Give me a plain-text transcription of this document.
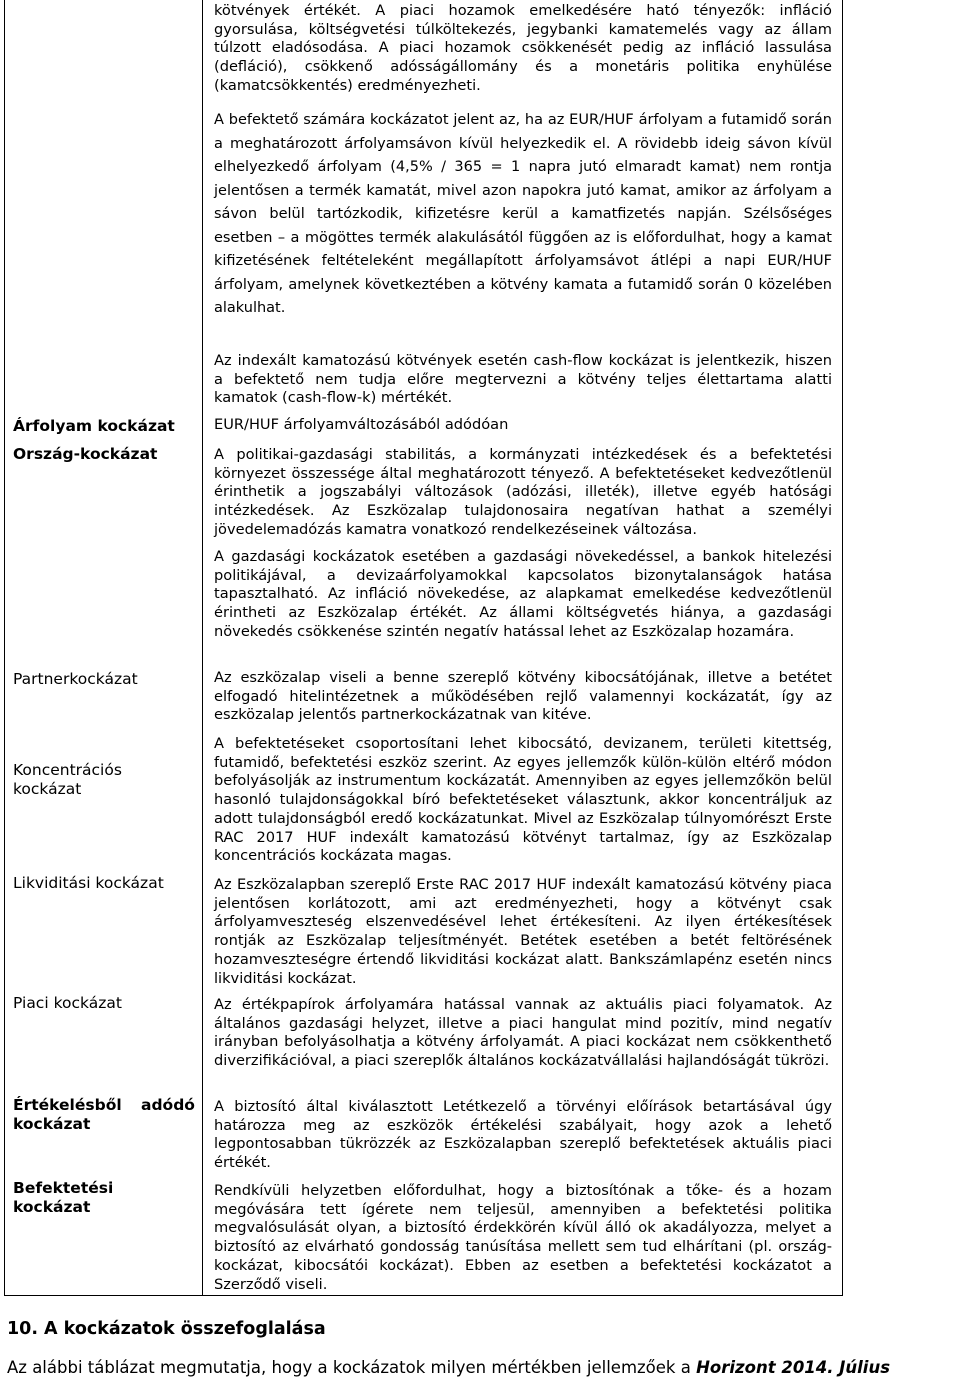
kötvények értékét. A piaci hozamok emelkedésére ható tényezők: infláció gyorsulása, költségvetési túlköltekezés, jegybanki kamatemelés vagy az állam túlzott eladósodása. A piaci hozamok csökkenését pedig az infláció lassulása (defláció), csökkenő adósságállomány és a monetáris politika enyhülése (kamatcsökkentés) eredményezheti.

A befektető számára kockázatot jelent az, ha az EUR/HUF árfolyam a futamidő során a meghatározott árfolyamsávon kívül helyezkedik el. A rövidebb ideig sávon kívül elhelyezkedő árfolyam (4,5% / 365 = 1 napra jutó elmaradt kamat) nem rontja jelentősen a termék kamatát, mivel azon napokra jutó kamat, amikor az árfolyam a sávon belül tartózkodik, kifizetésre kerül a kamatfizetés napján. Szélsőséges esetben – a mögöttes termék alakulásától függően az is előfordulhat, hogy a kamat kifizetésének feltételeként megállapított árfolyamsávot átlépi a napi EUR/HUF árfolyam, amelynek következtében a kötvény kamata a futamidő során 0 közelében alakulhat.

Az indexált kamatozású kötvények esetén cash-flow kockázat is jelentkezik, hiszen a befektető nem tudja előre megtervezni a kötvény teljes élettartama alatti kamatok (cash-flow-k) mértékét.

EUR/HUF árfolyamváltozásából adódóan

A politikai-gazdasági stabilitás, a kormányzati intézkedések és a befektetési környezet összessége által meghatározott tényező. A befektetéseket kedvezőtlenül érinthetik a jogszabályi változások (adózási, illeték), illetve egyéb hatósági intézkedések. Az Eszközalap tulajdonosaira negatívan hathat a személyi jövedelemadózás kamatra vonatkozó rendelkezéseinek változása.

A gazdasági kockázatok esetében a gazdasági növekedéssel, a bankok hitelezési politikájával, a devizaárfolyamokkal kapcsolatos bizonytalanságok hatása tapasztalható. Az infláció növekedése, az alapkamat emelkedése kedvezőtlenül érintheti az Eszközalap értékét. Az állami költségvetés hiánya, a gazdasági növekedés csökkenése szintén negatív hatással lehet az Eszközalap hozamára.

Az eszközalap viseli a benne szereplő kötvény kibocsátójának, illetve a betétet elfogadó hitelintézetnek a működésében rejlő valamennyi kockázatát, így az eszközalap jelentős partnerkockázatnak van kitéve.

A befektetéseket csoportosítani lehet kibocsátó, devizanem, területi kitettség, futamidő, befektetési eszköz szerint. Az egyes jellemzők külön-külön eltérő módon befolyásolják az instrumentum kockázatát. Amennyiben az egyes jellemzőkön belül hasonló tulajdonságokkal bíró befektetéseket választunk, akkor koncentráljuk az adott tulajdonságból eredő kockázatunkat. Mivel az Eszközalap túlnyomórészt Erste RAC 2017 HUF indexált kamatozású kötvényt tartalmaz, így az Eszközalap koncentrációs kockázata magas.

Az Eszközalapban szereplő Erste RAC 2017 HUF indexált kamatozású kötvény piaca jelentősen korlátozott, ami azt eredményezheti, hogy a kötvényt csak árfolyamveszteség elszenvedésével lehet értékesíteni. Az ilyen értékesítések rontják az Eszközalap teljesítményét. Betétek esetében a betét feltörésének hozamveszteségre értendő likviditási kockázat alatt. Bankszámlapénz esetén nincs likviditási kockázat.

Az értékpapírok árfolyamára hatással vannak az aktuális piaci folyamatok. Az általános gazdasági helyzet, illetve a piaci hangulat mind pozitív, mind negatív irányban befolyásolhatja a kötvény árfolyamát. A piaci kockázat nem csökkenthető diverzifikációval, a piaci szereplők általános kockázatvállalási hajlandóságát tükrözi.

A biztosító által kiválasztott Letétkezelő a törvényi előírások betartásával úgy határozza meg az eszközök értékelési szabályait, hogy azok a lehető legpontosabban tükrözzék az Eszközalapban szereplő befektetések aktuális piaci értékét.

Rendkívüli helyzetben előfordulhat, hogy a biztosítónak a tőke- és a hozam megóvására tett ígérete nem teljesül, amennyiben a befektetési politika megvalósulását olyan, a biztosító érdekkörén kívül álló ok akadályozza, melyet a biztosító az elvárható gondosság tanúsítása mellett sem tud elhárítani (pl. ország-kockázat, kibocsátói kockázat). Ebben az esetben a befektetési kockázatot a Szerződő viseli.

Árfolyam kockázat
Ország-kockázat
Partnerkockázat
Koncentrációs kockázat
Likviditási kockázat
Piaci kockázat
Értékelésből adódó

kockázat
Befektetési kockázat
10. A kockázatok összefoglalása
Az alábbi táblázat megmutatja, hogy a kockázatok milyen mértékben jellemzőek a Horizont 2014. Július
